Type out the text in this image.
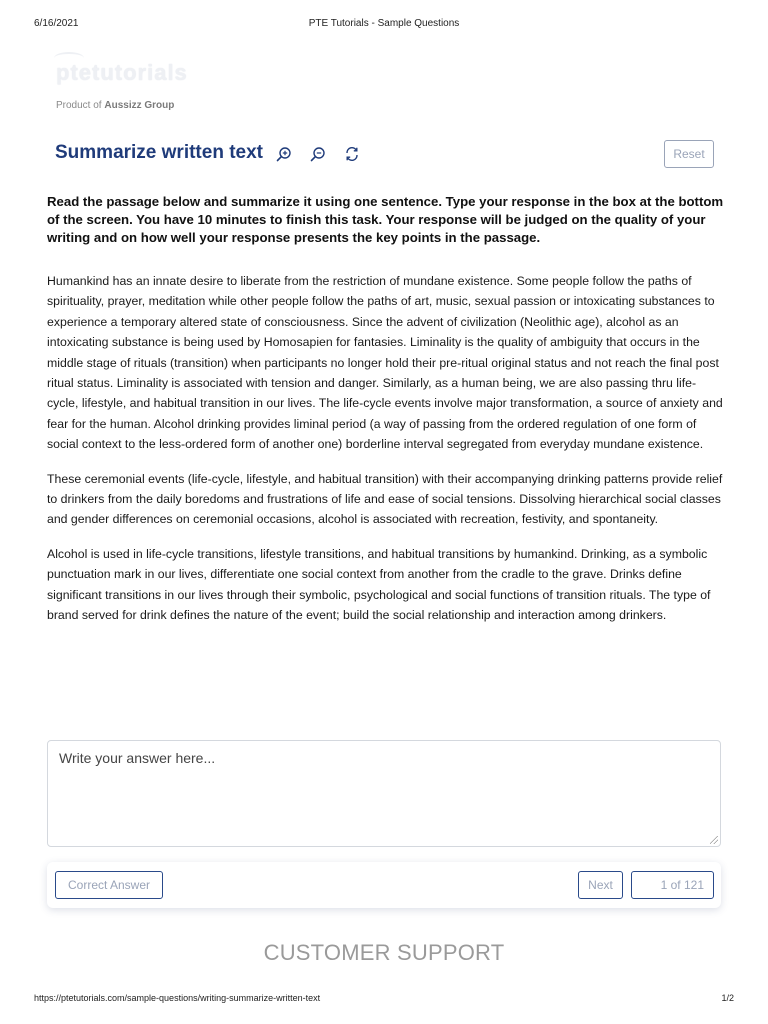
6/16/2021	PTE Tutorials - Sample Questions
ptetutorials
Product of Aussizz Group
Summarize written text	Reset
Read the passage below and summarize it using one sentence. Type your response in the box at the bottom of the screen. You have 10 minutes to finish this task. Your response will be judged on the quality of your writing and on how well your response presents the key points in the passage.

Humankind has an innate desire to liberate from the restriction of mundane existence. Some people follow the paths of spirituality, prayer, meditation while other people follow the paths of art, music, sexual passion or intoxicating substances to experience a temporary altered state of consciousness. Since the advent of civilization (Neolithic age), alcohol as an intoxicating substance is being used by Homosapien for fantasies. Liminality is the quality of ambiguity that occurs in the middle stage of rituals (transition) when participants no longer hold their pre-ritual original status and not reach the final post ritual status. Liminality is associated with tension and danger. Similarly, as a human being, we are also passing thru life-cycle, lifestyle, and habitual transition in our lives. The life-cycle events involve major transformation, a source of anxiety and fear for the human. Alcohol drinking provides liminal period (a way of passing from the ordered regulation of one form of social context to the less-ordered form of another one) borderline interval segregated from everyday mundane existence.

These ceremonial events (life-cycle, lifestyle, and habitual transition) with their accompanying drinking patterns provide relief to drinkers from the daily boredoms and frustrations of life and ease of social tensions. Dissolving hierarchical social classes and gender differences on ceremonial occasions, alcohol is associated with recreation, festivity, and spontaneity.

Alcohol is used in life-cycle transitions, lifestyle transitions, and habitual transitions by humankind. Drinking, as a symbolic punctuation mark in our lives, differentiate one social context from another from the cradle to the grave. Drinks define significant transitions in our lives through their symbolic, psychological and social functions of transition rituals. The type of brand served for drink defines the nature of the event; build the social relationship and interaction among drinkers.

Write your answer here...
Correct Answer	Next	1 of 121
CUSTOMER SUPPORT
https://ptetutorials.com/sample-questions/writing-summarize-written-text	1/2
